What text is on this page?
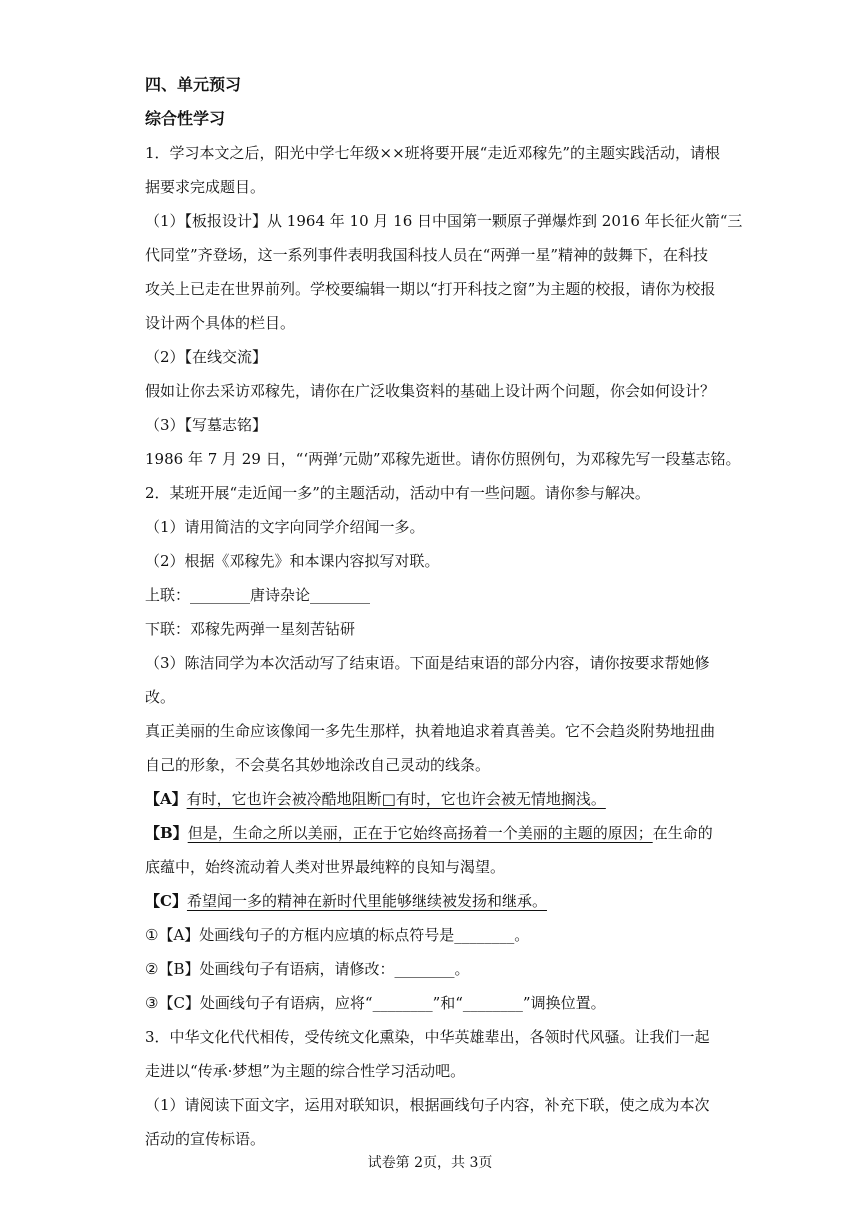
四、单元预习
综合性学习
1．学习本文之后，阳光中学七年级××班将要开展“走近邓稼先”的主题实践活动，请根
据要求完成题目。
（1）【板报设计】从 1964 年 10 月 16 日中国第一颗原子弹爆炸到 2016 年长征火箭“三
代同堂”齐登场，这一系列事件表明我国科技人员在“两弹一星”精神的鼓舞下，在科技
攻关上已走在世界前列。学校要编辑一期以“打开科技之窗”为主题的校报，请你为校报
设计两个具体的栏目。
（2）【在线交流】
假如让你去采访邓稼先，请你在广泛收集资料的基础上设计两个问题，你会如何设计？
（3）【写墓志铭】
1986 年 7 月 29 日，“‘两弹’元勋”邓稼先逝世。请你仿照例句，为邓稼先写一段墓志铭。
2．某班开展“走近闻一多”的主题活动，活动中有一些问题。请你参与解决。
（1）请用简洁的文字向同学介绍闻一多。
（2）根据《邓稼先》和本课内容拟写对联。
上联：________唐诗杂论________
下联：邓稼先两弹一星刻苦钻研
（3）陈洁同学为本次活动写了结束语。下面是结束语的部分内容，请你按要求帮她修
改。
真正美丽的生命应该像闻一多先生那样，执着地追求着真善美。它不会趋炎附势地扭曲
自己的形象，不会莫名其妙地涂改自己灵动的线条。
【A】有时，它也许会被冷酷地阻断□有时，它也许会被无情地搁浅。
【B】但是，生命之所以美丽，正在于它始终高扬着一个美丽的主题的原因；在生命的
底蕴中，始终流动着人类对世界最纯粹的良知与渴望。
【C】希望闻一多的精神在新时代里能够继续被发扬和继承。
①【A】处画线句子的方框内应填的标点符号是________。
②【B】处画线句子有语病，请修改：________。
③【C】处画线句子有语病，应将“________”和“________”调换位置。
3．中华文化代代相传，受传统文化熏染，中华英雄辈出，各领时代风骚。让我们一起
走进以“传承·梦想”为主题的综合性学习活动吧。
（1）请阅读下面文字，运用对联知识，根据画线句子内容，补充下联，使之成为本次
活动的宣传标语。
试卷第 2页，共 3页
